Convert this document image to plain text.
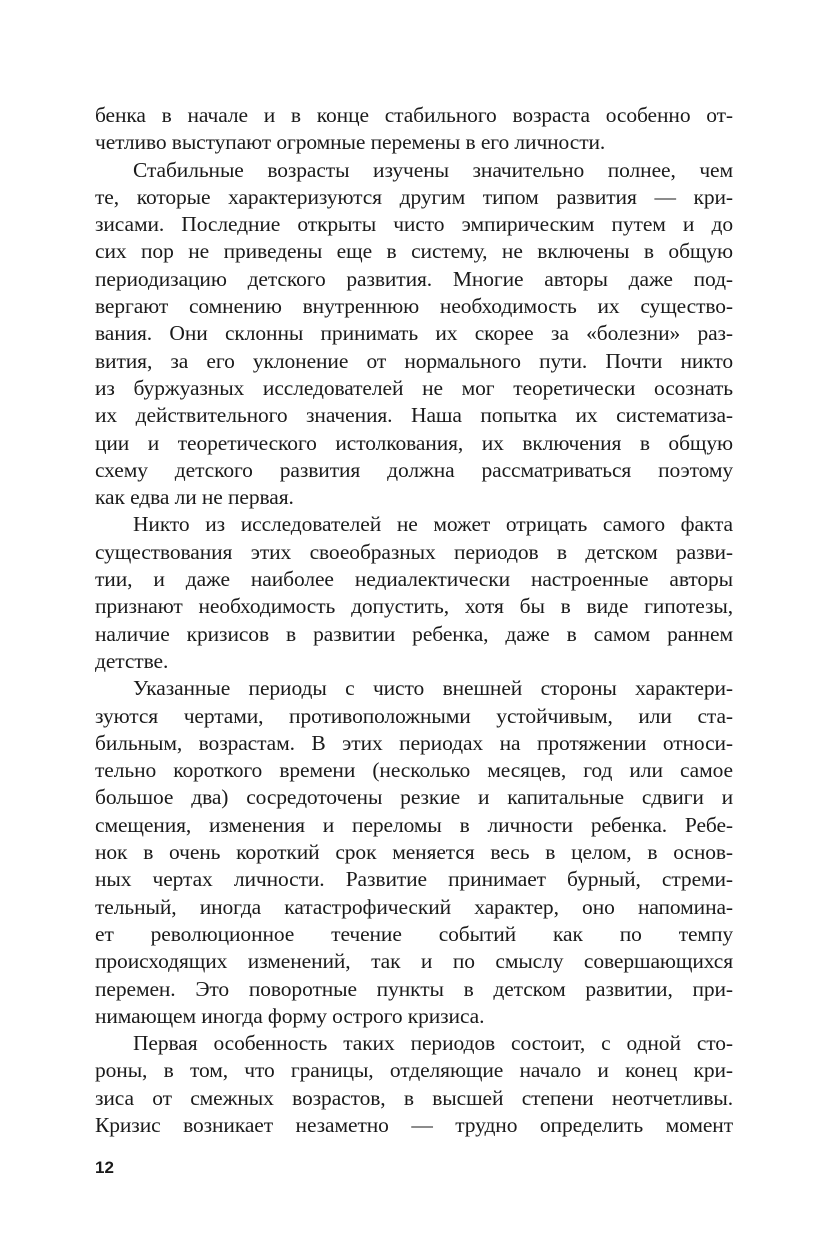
бенка в начале и в конце стабильного возраста особенно от-
четливо выступают огромные перемены в его личности.
Стабильные возрасты изучены значительно полнее, чем
те, которые характеризуются другим типом развития — кри-
зисами. Последние открыты чисто эмпирическим путем и до
сих пор не приведены еще в систему, не включены в общую
периодизацию детского развития. Многие авторы даже под-
вергают сомнению внутреннюю необходимость их существо-
вания. Они склонны принимать их скорее за «болезни» раз-
вития, за его уклонение от нормального пути. Почти никто
из буржуазных исследователей не мог теоретически осознать
их действительного значения. Наша попытка их систематиза-
ции и теоретического истолкования, их включения в общую
схему детского развития должна рассматриваться поэтому
как едва ли не первая.
Никто из исследователей не может отрицать самого факта
существования этих своеобразных периодов в детском разви-
тии, и даже наиболее недиалектически настроенные авторы
признают необходимость допустить, хотя бы в виде гипотезы,
наличие кризисов в развитии ребенка, даже в самом раннем
детстве.
Указанные периоды с чисто внешней стороны характери-
зуются чертами, противоположными устойчивым, или ста-
бильным, возрастам. В этих периодах на протяжении относи-
тельно короткого времени (несколько месяцев, год или самое
большое два) сосредоточены резкие и капитальные сдвиги и
смещения, изменения и переломы в личности ребенка. Ребе-
нок в очень короткий срок меняется весь в целом, в основ-
ных чертах личности. Развитие принимает бурный, стреми-
тельный, иногда катастрофический характер, оно напомина-
ет революционное течение событий как по темпу
происходящих изменений, так и по смыслу совершающихся
перемен. Это поворотные пункты в детском развитии, при-
нимающем иногда форму острого кризиса.
Первая особенность таких периодов состоит, с одной сто-
роны, в том, что границы, отделяющие начало и конец кри-
зиса от смежных возрастов, в высшей степени неотчетливы.
Кризис возникает незаметно — трудно определить момент
12
